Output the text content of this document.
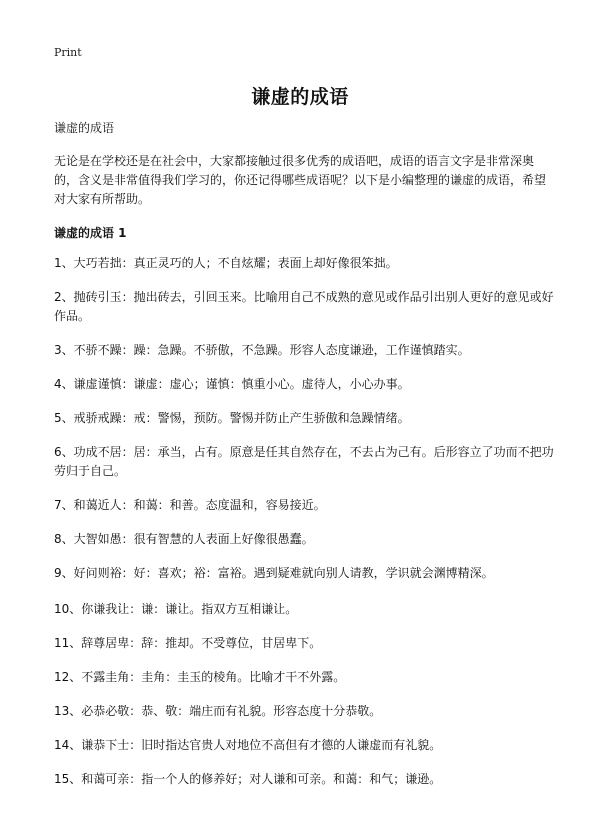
Print
谦虚的成语

谦虚的成语

无论是在学校还是在社会中，大家都接触过很多优秀的成语吧，成语的语言文字是非常深奥的，含义是非常值得我们学习的，你还记得哪些成语呢？以下是小编整理的谦虚的成语，希望对大家有所帮助。

谦虚的成语 1

1、大巧若拙：真正灵巧的人；不自炫耀；表面上却好像很笨拙。

2、抛砖引玉：抛出砖去，引回玉来。比喻用自己不成熟的意见或作品引出别人更好的意见或好作品。

3、不骄不躁：躁：急躁。不骄傲，不急躁。形容人态度谦逊，工作谨慎踏实。

4、谦虚谨慎：谦虚：虚心；谨慎：慎重小心。虚待人，小心办事。

5、戒骄戒躁：戒：警惕，预防。警惕并防止产生骄傲和急躁情绪。

6、功成不居：居：承当，占有。原意是任其自然存在，不去占为己有。后形容立了功而不把功劳归于自己。

7、和蔼近人：和蔼：和善。态度温和，容易接近。

8、大智如愚：很有智慧的人表面上好像很愚蠢。

9、好问则裕：好：喜欢；裕：富裕。遇到疑难就向别人请教，学识就会渊博精深。

10、你谦我让：谦：谦让。指双方互相谦让。

11、辞尊居卑：辞：推却。不受尊位，甘居卑下。

12、不露圭角：圭角：圭玉的棱角。比喻才干不外露。

13、必恭必敬：恭、敬：端庄而有礼貌。形容态度十分恭敬。

14、谦恭下士：旧时指达官贵人对地位不高但有才德的人谦虚而有礼貌。

15、和蔼可亲：指一个人的修养好；对人谦和可亲。和蔼：和气；谦逊。
